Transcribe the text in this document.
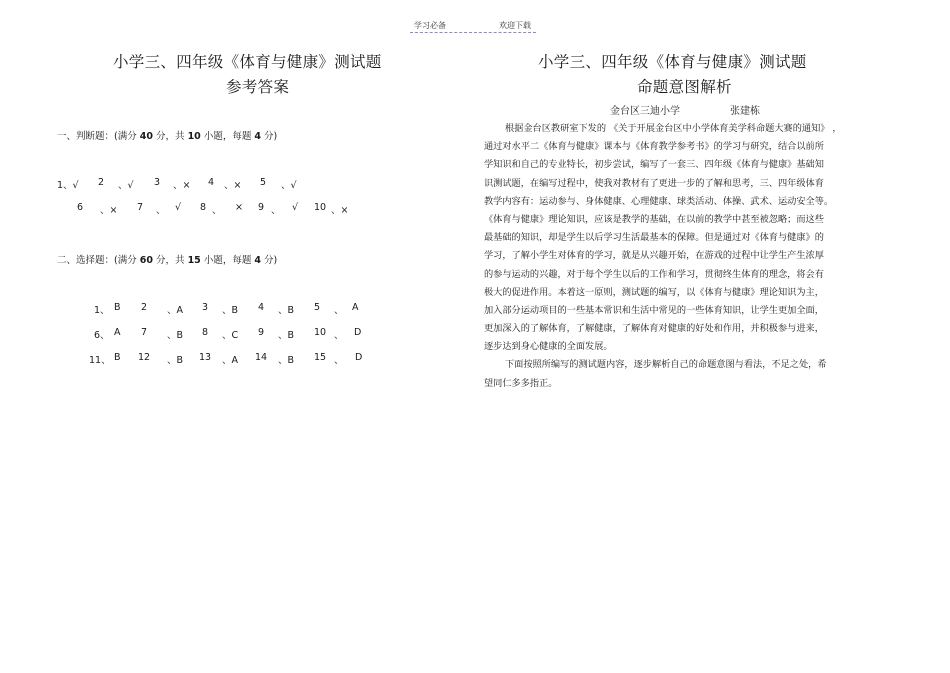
学习必备	欢迎下载
小学三、四年级《体育与健康》测试题
参考答案
一、判断题：(满分 40 分，共 10 小题，每题 4 分)
1、√ 2 、√ 3 、× 4 、× 5 、√
6 、× 7 、 √ 8 、 × 9 、 √ 10 、×
二、选择题：(满分 60 分，共 15 小题，每题 4 分)
1、 B 2 、A 3 、B 4 、B 5 、 A
6、 A 7 、B 8 、C 9 、B 10 、 D
11、 B 12 、B 13 、A 14 、B 15 、 D
小学三、四年级《体育与健康》测试题
命题意图解析
金台区三迪小学	张建栋
根据金台区教研室下发的 《关于开展金台区中小学体育美学科命题大赛的通知》 ，
通过对水平二《体育与健康》课本与《体育教学参考书》的学习与研究，结合以前所
学知识和自己的专业特长，初步尝试，编写了一套三、四年级《体育与健康》基础知
识测试题，在编写过程中，使我对教材有了更进一步的了解和思考，三、四年级体育
教学内容有：运动参与、身体健康、心理健康、球类活动、体操、武术、运动安全等。
《体育与健康》理论知识，应该是教学的基础，在以前的教学中甚至被忽略；而这些
最基础的知识，却是学生以后学习生活最基本的保障。但是通过对《体育与健康》的
学习，了解小学生对体育的学习，就是从兴趣开始，在游戏的过程中让学生产生浓厚
的参与运动的兴趣，对于每个学生以后的工作和学习，贯彻终生体育的理念，将会有
极大的促进作用。本着这一原则，测试题的编写，以《体育与健康》理论知识为主，
加入部分运动项目的一些基本常识和生活中常见的一些体育知识，让学生更加全面，
更加深入的了解体育，了解健康，了解体育对健康的好处和作用，并积极参与进来，
逐步达到身心健康的全面发展。
下面按照所编写的测试题内容，逐步解析自己的命题意图与看法，不足之处，希
望同仁多多指正。
